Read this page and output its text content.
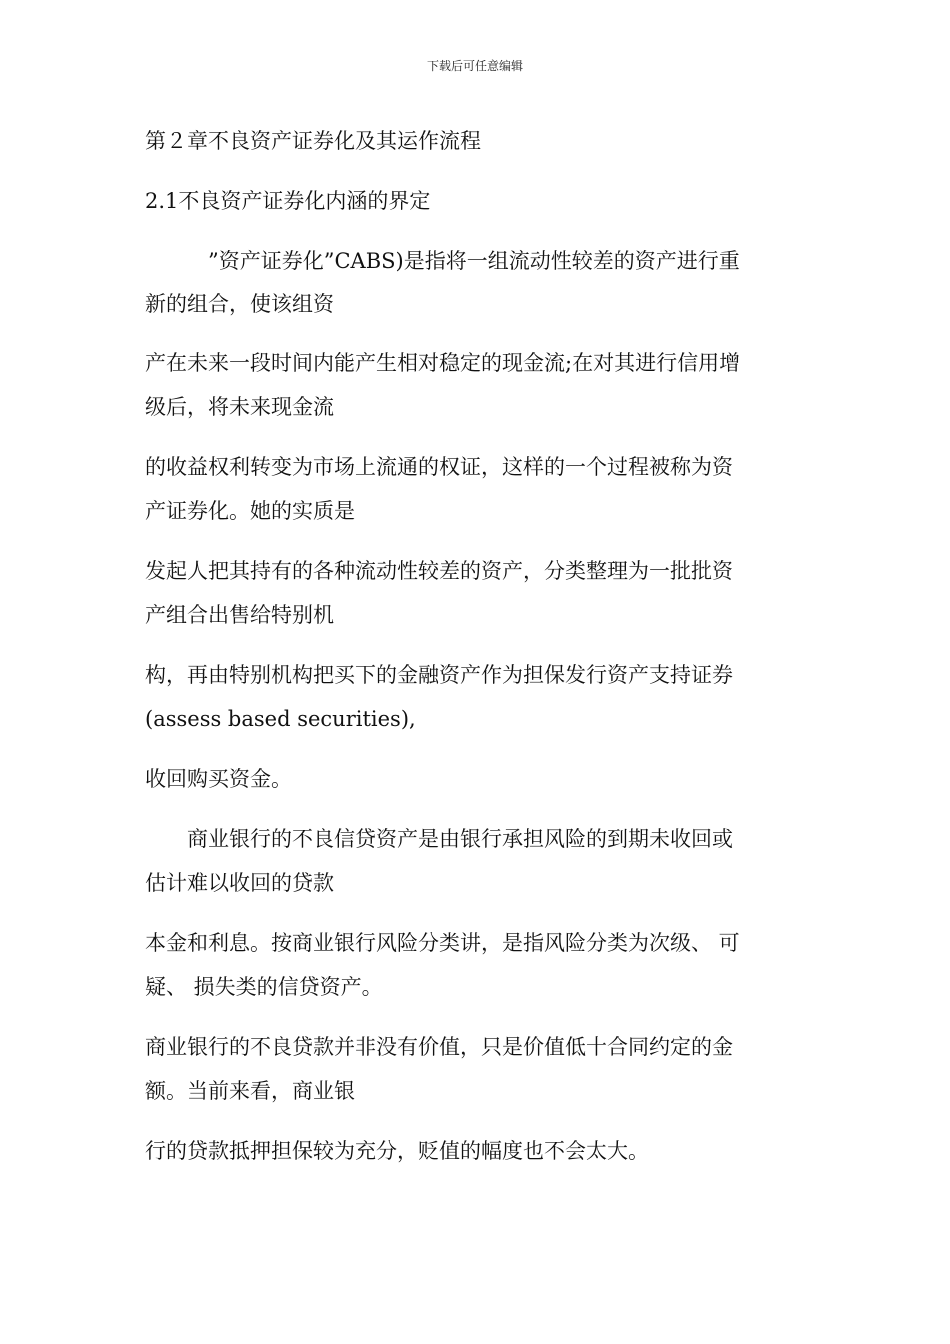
下载后可任意编辑
第２章不良资产证券化及其运作流程
2.1不良资产证券化内涵的界定
　　　”资产证券化”CABS)是指将一组流动性较差的资产进行重
新的组合，使该组资
产在未来一段时间内能产生相对稳定的现金流;在对其进行信用增
级后，将未来现金流
的收益权利转变为市场上流通的权证，这样的一个过程被称为资
产证券化。她的实质是
发起人把其持有的各种流动性较差的资产，分类整理为一批批资
产组合出售给特别机
构，再由特别机构把买下的金融资产作为担保发行资产支持证券
(assess based securities),
收回购买资金。
　　商业银行的不良信贷资产是由银行承担风险的到期未收回或
估计难以收回的贷款
本金和利息。按商业银行风险分类讲，是指风险分类为次级、 可
疑、 损失类的信贷资产。
商业银行的不良贷款并非没有价值，只是价值低十合同约定的金
额。当前来看，商业银
行的贷款抵押担保较为充分，贬值的幅度也不会太大。
